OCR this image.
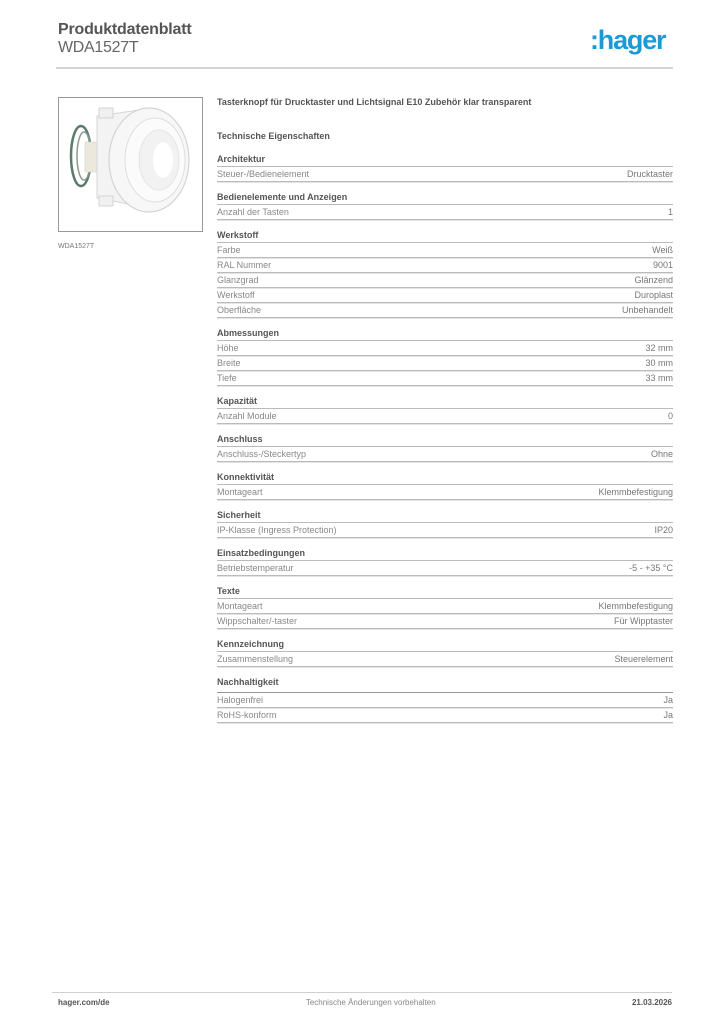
Produktdatenblatt
WDA1527T	:hager
WDA1527T
Tasterknopf für Drucktaster und Lichtsignal E10 Zubehör klar transparent
Technische Eigenschaften
Architektur
Steuer-/Bedienelement	Drucktaster
Bedienelemente und Anzeigen
Anzahl der Tasten	1
Werkstoff
Farbe	Weiß
RAL Nummer	9001
Glanzgrad	Glänzend
Werkstoff	Duroplast
Oberfläche	Unbehandelt
Abmessungen
Höhe	32 mm
Breite	30 mm
Tiefe	33 mm
Kapazität
Anzahl Module	0
Anschluss
Anschluss-/Steckertyp	Ohne
Konnektivität
Montageart	Klemmbefestigung
Sicherheit
IP-Klasse (Ingress Protection)	IP20
Einsatzbedingungen
Betriebstemperatur	-5 - +35 °C
Texte
Montageart	Klemmbefestigung
Wippschalter/-taster	Für Wipptaster
Kennzeichnung
Zusammenstellung	Steuerelement
Nachhaltigkeit
Halogenfrei	Ja
RoHS-konform	Ja
hager.com/de	Technische Änderungen vorbehalten	21.03.2026
